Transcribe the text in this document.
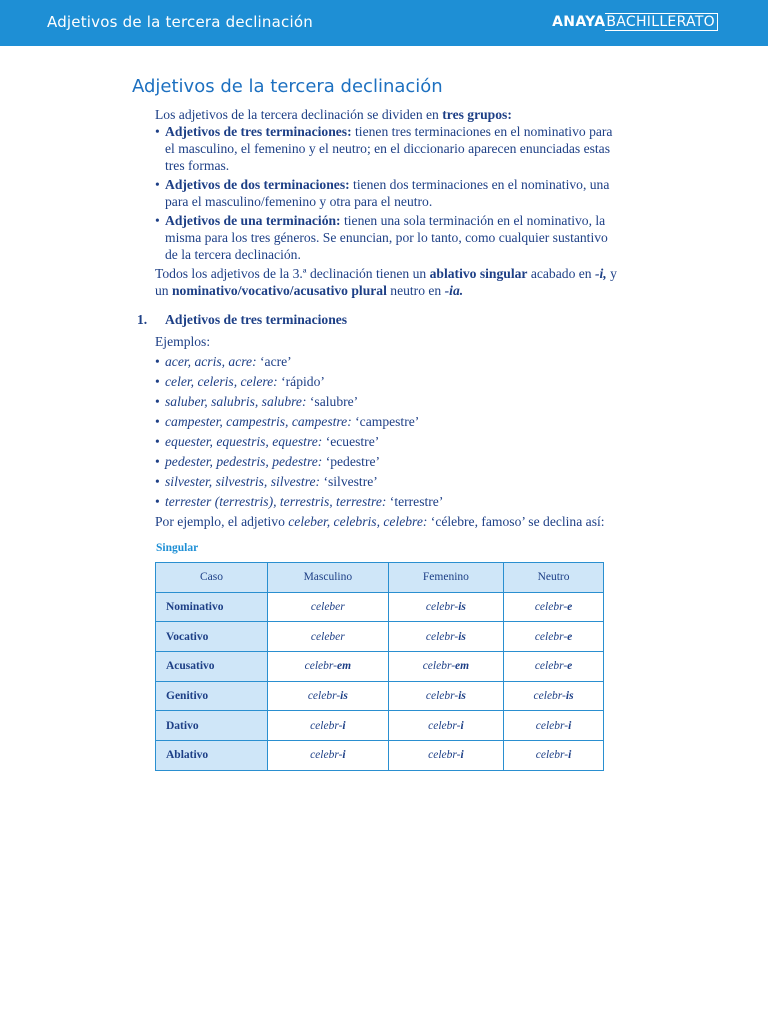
Adjetivos de la tercera declinación	ANAYABACHILLERATO
Adjetivos de la tercera declinación

Los adjetivos de la tercera declinación se dividen en tres grupos:

• Adjetivos de tres terminaciones: tienen tres terminaciones en el nominativo para

el masculino, el femenino y el neutro; en el diccionario aparecen enunciadas estas

tres formas.

• Adjetivos de dos terminaciones: tienen dos terminaciones en el nominativo, una

para el masculino/femenino y otra para el neutro.

• Adjetivos de una terminación: tienen una sola terminación en el nominativo, la

misma para los tres géneros. Se enuncian, por lo tanto, como cualquier sustantivo

de la tercera declinación.

Todos los adjetivos de la 3.ª declinación tienen un ablativo singular acabado en -i, y

un nominativo/vocativo/acusativo plural neutro en -ia.

1. Adjetivos de tres terminaciones
Ejemplos:
• acer, acris, acre: ‘acre’
• celer, celeris, celere: ‘rápido’
• saluber, salubris, salubre: ‘salubre’
• campester, campestris, campestre: ‘campestre’
• equester, equestris, equestre: ‘ecuestre’
• pedester, pedestris, pedestre: ‘pedestre’
• silvester, silvestris, silvestre: ‘silvestre’
• terrester (terrestris), terrestris, terrestre: ‘terrestre’
Por ejemplo, el adjetivo celeber, celebris, celebre: ‘célebre, famoso’ se declina así:
Singular
Caso	Masculino	Femenino	Neutro
Nominativo	celeber	celebr-is	celebr-e
Vocativo	celeber	celebr-is	celebr-e
Acusativo	celebr-em	celebr-em	celebr-e
Genitivo	celebr-is	celebr-is	celebr-is
Dativo	celebr-i	celebr-i	celebr-i
Ablativo	celebr-i	celebr-i	celebr-i
